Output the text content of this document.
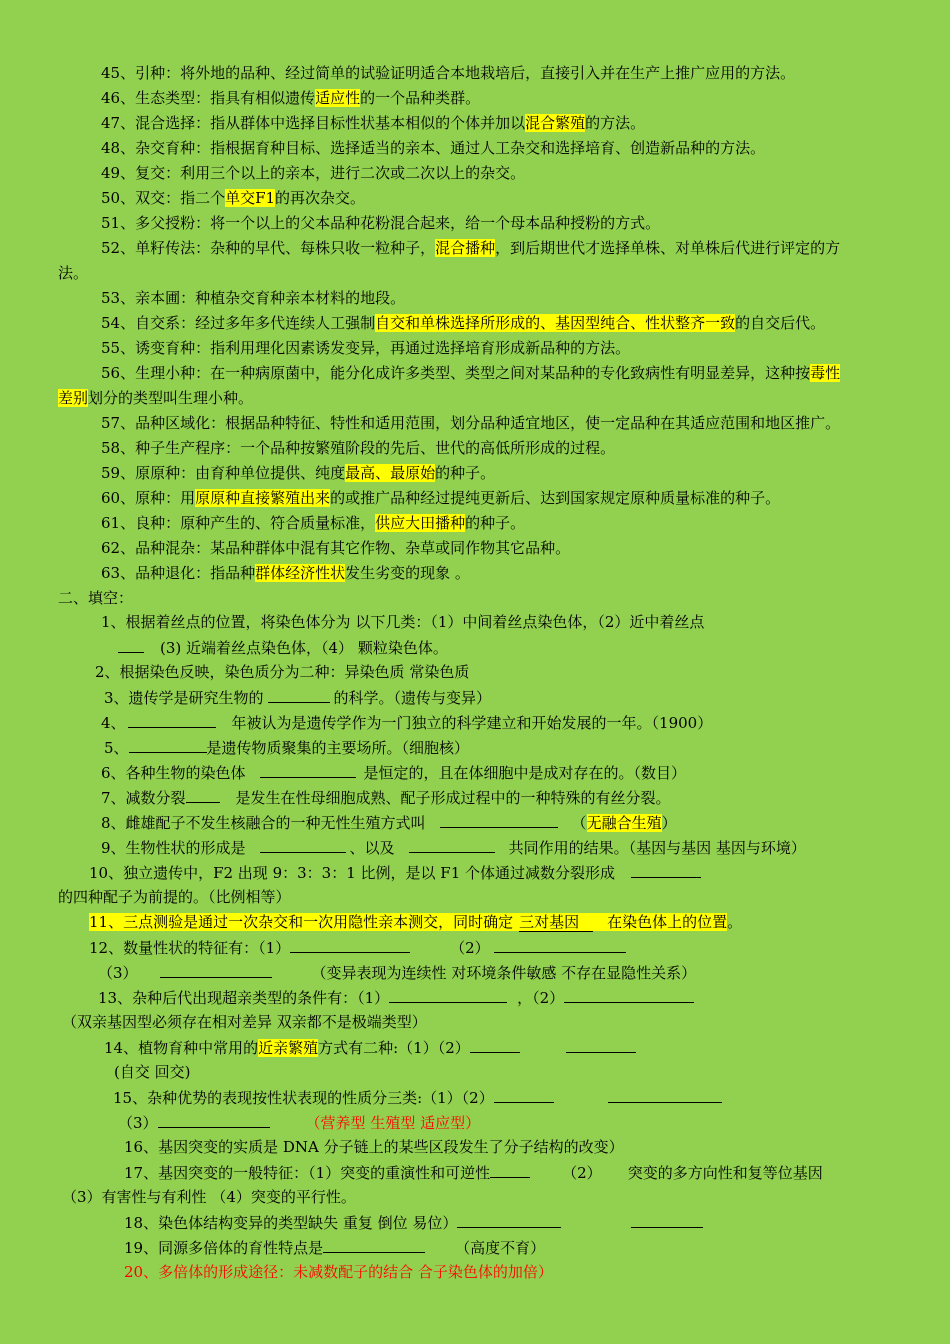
45、引种：将外地的品种、经过简单的试验证明适合本地栽培后，直接引入并在生产上推广应用的方法。
46、生态类型：指具有相似遗传适应性的一个品种类群。
47、混合选择：指从群体中选择目标性状基本相似的个体并加以混合繁殖的方法。
48、杂交育种：指根据育种目标、选择适当的亲本、通过人工杂交和选择培育、创造新品种的方法。
49、复交：利用三个以上的亲本，进行二次或二次以上的杂交。
50、双交：指二个单交F1的再次杂交。
51、多父授粉：将一个以上的父本品种花粉混合起来，给一个母本品种授粉的方式。
52、单籽传法：杂种的早代、每株只收一粒种子，混合播种，到后期世代才选择单株、对单株后代进行评定的方
法。
53、亲本圃：种植杂交育种亲本材料的地段。
54、自交系：经过多年多代连续人工强制自交和单株选择所形成的、基因型纯合、性状整齐一致的自交后代。
55、诱变育种：指利用理化因素诱发变异，再通过选择培育形成新品种的方法。
56、生理小种：在一种病原菌中，能分化成许多类型、类型之间对某品种的专化致病性有明显差异，这种按毒性
差别划分的类型叫生理小种。
57、品种区域化：根据品种特征、特性和适用范围，划分品种适宜地区，使一定品种在其适应范围和地区推广。
58、种子生产程序：一个品种按繁殖阶段的先后、世代的高低所形成的过程。
59、原原种：由育种单位提供、纯度最高、最原始的种子。
60、原种：用原原种直接繁殖出来的或推广品种经过提纯更新后、达到国家规定原种质量标准的种子。
61、良种：原种产生的、符合质量标准，供应大田播种的种子。
62、品种混杂：某品种群体中混有其它作物、杂草或同作物其它品种。
63、品种退化：指品种群体经济性状发生劣变的现象 。
二、填空：
1、根据着丝点的位置，将染色体分为 以下几类：（1）中间着丝点染色体，（2）近中着丝点
(3) 近端着丝点染色体，（4） 颗粒染色体。
2、根据染色反映，染色质分为二种：异染色质 常染色质
3、遗传学是研究生物的	的科学。（遗传与变异）
4、	年被认为是遗传学作为一门独立的科学建立和开始发展的一年。（1900）
5、	是遗传物质聚集的主要场所。（细胞核）
6、各种生物的染色体	是恒定的，且在体细胞中是成对存在的。（数目）
7、减数分裂	是发生在性母细胞成熟、配子形成过程中的一种特殊的有丝分裂。
8、雌雄配子不发生核融合的一种无性生殖方式叫	（无融合生殖）
9、生物性状的形成是	、以及	共同作用的结果。（基因与基因 基因与环境）
10、独立遗传中，F2 出现 9：3：3：1 比例，是以 F1 个体通过减数分裂形成
的四种配子为前提的。（比例相等）
11、三点测验是通过一次杂交和一次用隐性亲本测交，同时确定 三对基因 在染色体上的位置。
12、数量性状的特征有：（1）	（2）
（3）	（变异表现为连续性 对环境条件敏感 不存在显隐性关系）
13、杂种后代出现超亲类型的条件有：（1）	，（2）
（双亲基因型必须存在相对差异 双亲都不是极端类型）
14、植物育种中常用的近亲繁殖方式有二种:（1）（2）
(自交 回交)
15、杂种优势的表现按性状表现的性质分三类:（1）（2）
（3）	（营养型 生殖型 适应型）
16、基因突变的实质是 DNA 分子链上的某些区段发生了分子结构的改变）
17、基因突变的一般特征：（1）突变的重演性和可逆性	（2） 突变的多方向性和复等位基因
（3）有害性与有利性 （4）突变的平行性。
18、染色体结构变异的类型缺失 重复 倒位 易位）
19、同源多倍体的育性特点是	（高度不育）
20、多倍体的形成途径：未减数配子的结合 合子染色体的加倍）
